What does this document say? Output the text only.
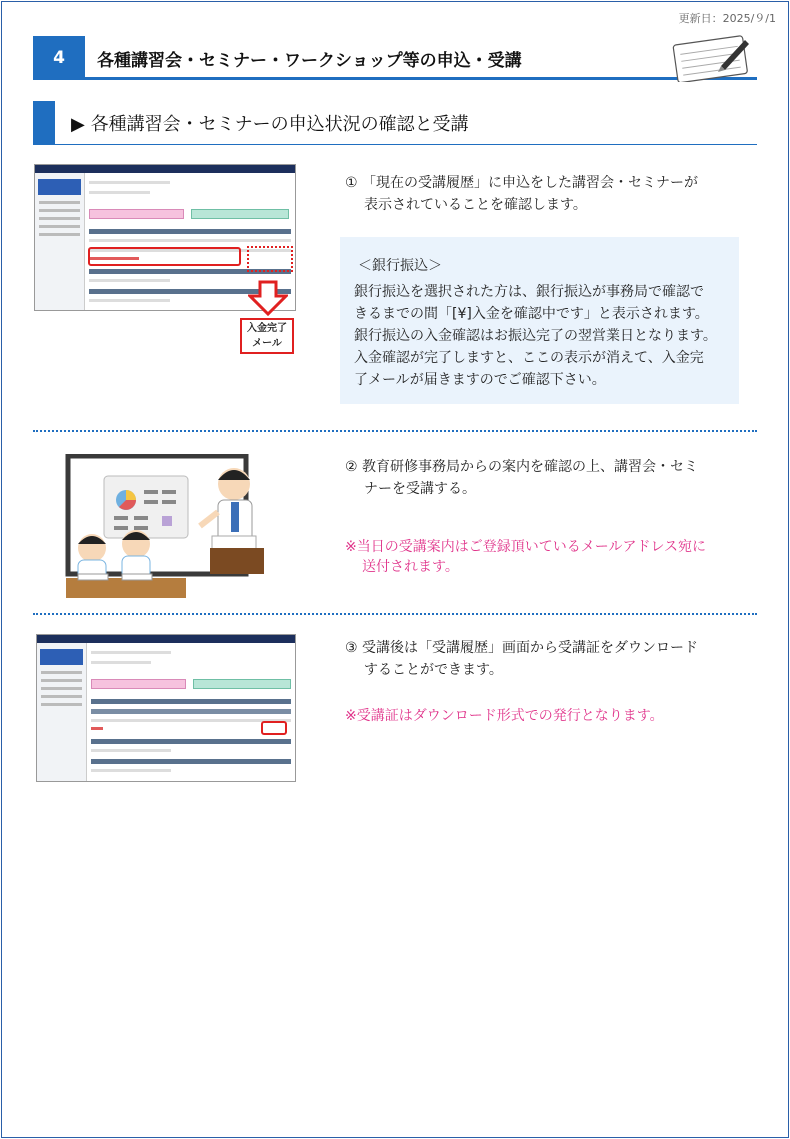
更新日：2025/９/1
4	各種講習会・セミナー・ワークショップ等の申込・受講
▶ 各種講習会・セミナーの申込状況の確認と受講
入金完了
メール
① 「現在の受講履歴」に申込をした講習会・セミナーが
表示されていることを確認します。
＜銀行振込＞
銀行振込を選択された方は、銀行振込が事務局で確認で
きるまでの間「[¥]入金を確認中です」と表示されます。
銀行振込の入金確認はお振込完了の翌営業日となります。
入金確認が完了しますと、ここの表示が消えて、入金完
了メールが届きますのでご確認下さい。
② 教育研修事務局からの案内を確認の上、講習会・セミ
ナーを受講する。
※当日の受講案内はご登録頂いているメールアドレス宛に
送付されます。
③ 受講後は「受講履歴」画面から受講証をダウンロード
することができます。
※受講証はダウンロード形式での発行となります。
